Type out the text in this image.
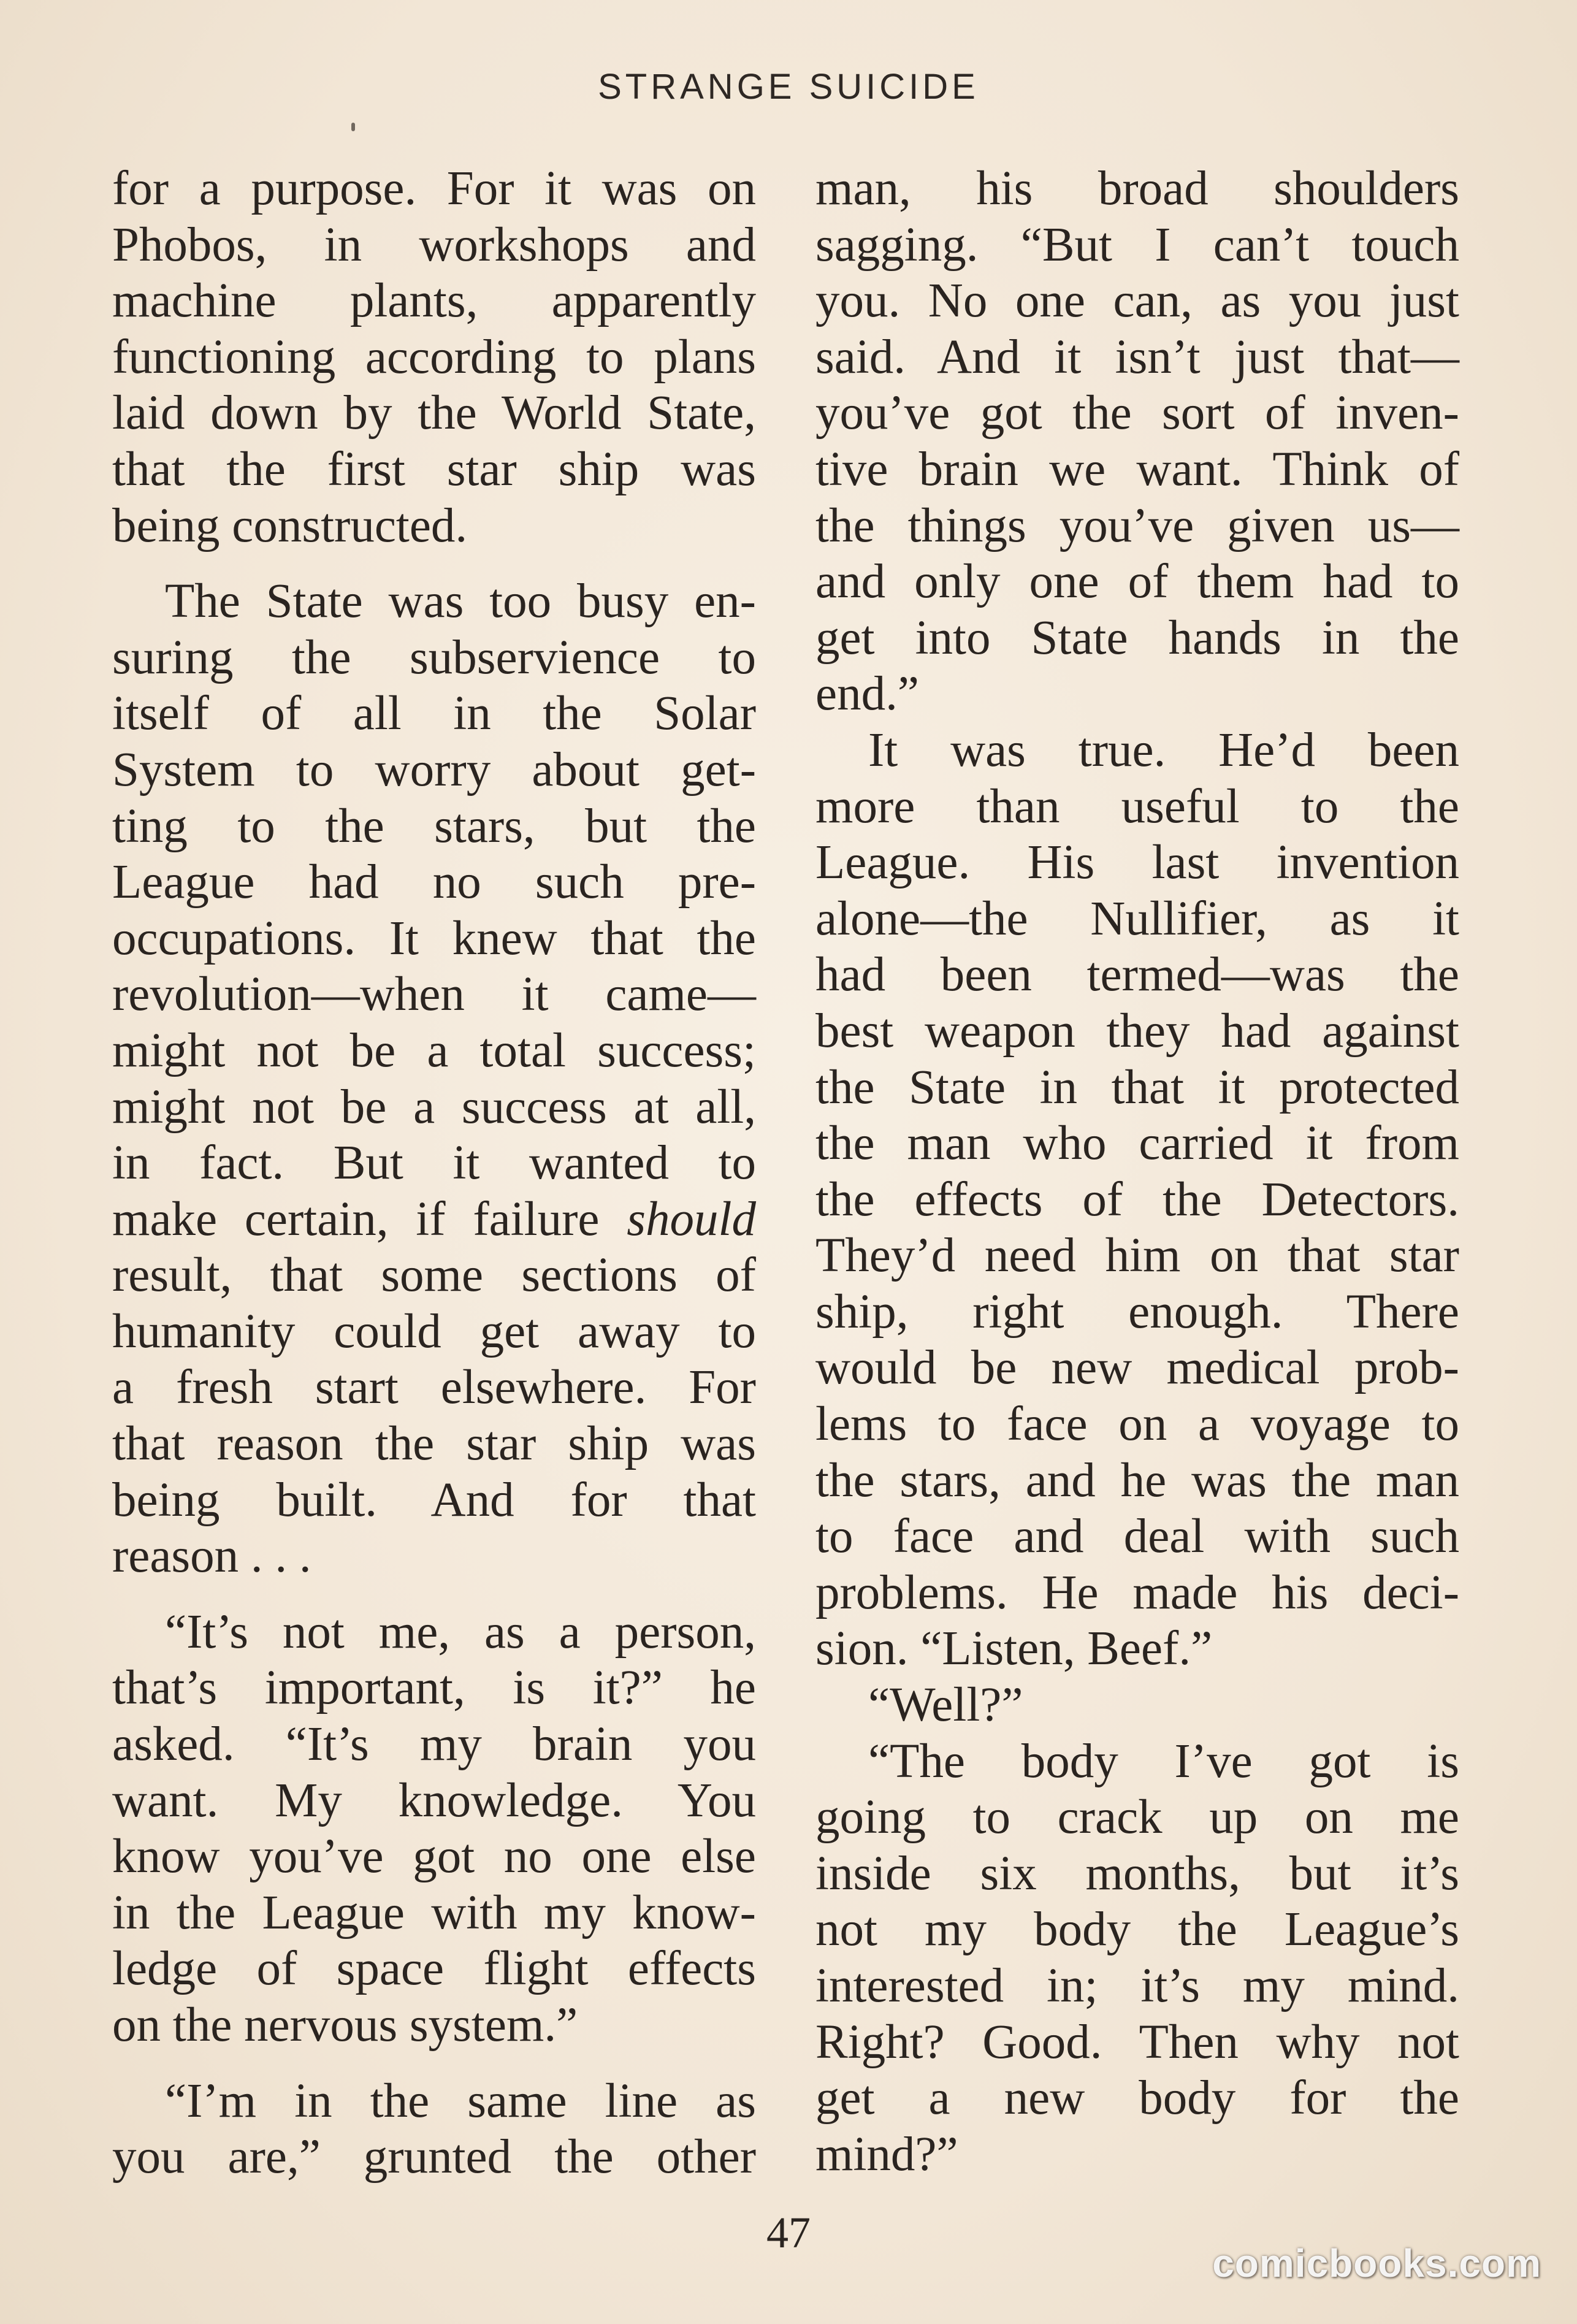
STRANGE SUICIDE

for a purpose. For it was on
Phobos, in workshops and
machine plants, apparently
functioning according to plans
laid down by the World State,
that the first star ship was
being constructed.

The State was too busy en-
suring the subservience to
itself of all in the Solar
System to worry about get-
ting to the stars, but the
League had no such pre-
occupations. It knew that the
revolution—when it came—
might not be a total success;
might not be a success at all,
in fact. But it wanted to
make certain, if failure should
result, that some sections of
humanity could get away to
a fresh start elsewhere. For
that reason the star ship was
being built. And for that
reason . . .

“It’s not me, as a person,
that’s important, is it?” he
asked. “It’s my brain you
want. My knowledge. You
know you’ve got no one else
in the League with my know-
ledge of space flight effects
on the nervous system.”

“I’m in the same line as
you are,” grunted the other

man, his broad shoulders
sagging. “But I can’t touch
you. No one can, as you just
said. And it isn’t just that—
you’ve got the sort of inven-
tive brain we want. Think of
the things you’ve given us—
and only one of them had to
get into State hands in the
end.”

It was true. He’d been
more than useful to the
League. His last invention
alone—the Nullifier, as it
had been termed—was the
best weapon they had against
the State in that it protected
the man who carried it from
the effects of the Detectors.
They’d need him on that star
ship, right enough. There
would be new medical prob-
lems to face on a voyage to
the stars, and he was the man
to face and deal with such
problems. He made his deci-
sion. “Listen, Beef.”

“Well?”

“The body I’ve got is
going to crack up on me
inside six months, but it’s
not my body the League’s
interested in; it’s my mind.
Right? Good. Then why not
get a new body for the
mind?”

47
comicbooks.com
